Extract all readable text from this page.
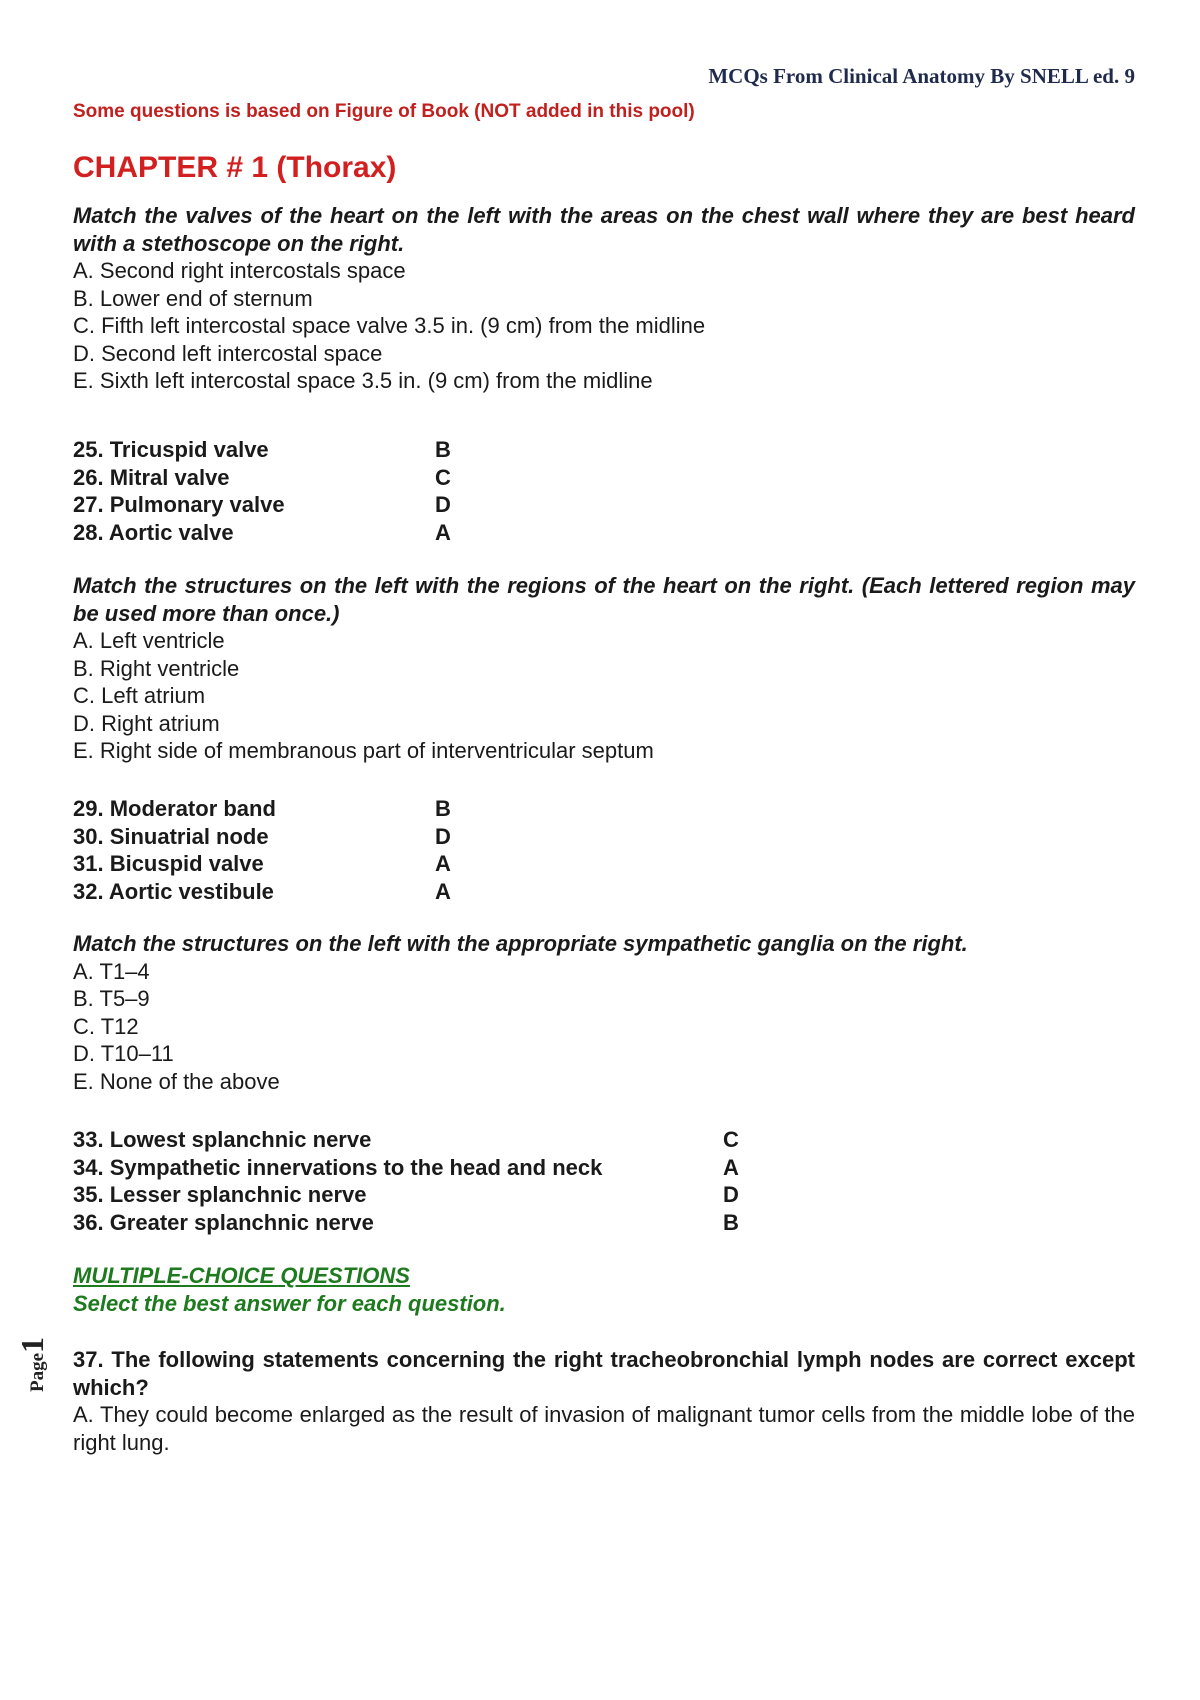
MCQs From Clinical Anatomy By SNELL ed. 9
Some questions is based on Figure of Book (NOT added in this pool)
CHAPTER # 1 (Thorax)
Match the valves of the heart on the left with the areas on the chest wall where they are best heard with a stethoscope on the right.
A. Second right intercostals space
B. Lower end of sternum
C. Fifth left intercostal space valve 3.5 in. (9 cm) from the midline
D. Second left intercostal space
E. Sixth left intercostal space 3.5 in. (9 cm) from the midline
25. Tricuspid valve	B
26. Mitral valve	C
27. Pulmonary valve	D
28. Aortic valve	A
Match the structures on the left with the regions of the heart on the right. (Each lettered region may be used more than once.)
A. Left ventricle
B. Right ventricle
C. Left atrium
D. Right atrium
E. Right side of membranous part of interventricular septum
29. Moderator band	B
30. Sinuatrial node	D
31. Bicuspid valve	A
32. Aortic vestibule	A
Match the structures on the left with the appropriate sympathetic ganglia on the right.
A. T1–4
B. T5–9
C. T12
D. T10–11
E. None of the above
33. Lowest splanchnic nerve	C
34. Sympathetic innervations to the head and neck	A
35. Lesser splanchnic nerve	D
36. Greater splanchnic nerve	B
MULTIPLE-CHOICE QUESTIONS
Select the best answer for each question.
37. The following statements concerning the right tracheobronchial lymph nodes are correct except which?
A. They could become enlarged as the result of invasion of malignant tumor cells from the middle lobe of the right lung.
Page1
